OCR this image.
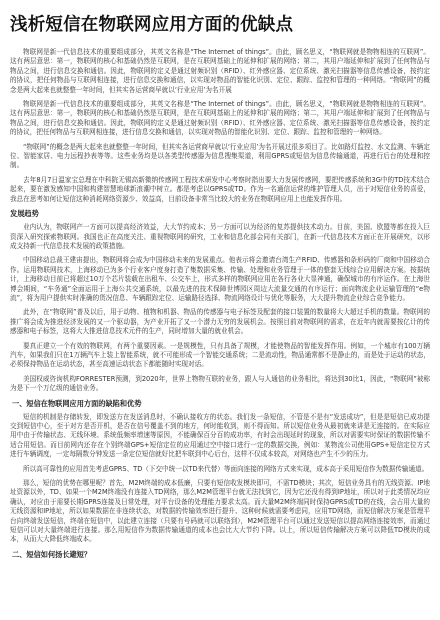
浅析短信在物联网应用方面的优缺点

物联网是新一代信息技术的重要组成部分，其英文名称是“The Internet of things”。由此，顾名思义，“物联网就是物物相连的互联网”。这有两层意思：第一，物联网的核心和基础仍然是互联网，是在互联网基础上的延伸和扩展的网络；第二，其用户端延伸和扩展到了任何物品与物品之间，进行信息交换和通信。因此，物联网的定义是通过射频识别（RFID）、红外感应器、定位系统、激光扫描器等信息传感设备，按约定的协议，把任何物品与互联网相连接，进行信息交换和通信，以实现对物品的智能化识别、定位、跟踪、监控和管理的一种网络。“物联网”的概念是两大起来也就整整一年时间，但其实各运营商早就以‘行业应用’为名开展

物联网是新一代信息技术的重要组成部分，其英文名称是“The Internet of things”。由此，顾名思义，“物联网就是物物相连的互联网”。这有两层意思：第一，物联网的核心和基础仍然是互联网，是在互联网基础上的延伸和扩展的网络；第二，其用户端延伸和扩展到了任何物品与物品之间，进行信息交换和通信。因此，物联网的定义是通过射频识别（RFID）、红外感应器、定位系统、激光扫描器等信息传感设备，按约定的协议，把任何物品与互联网相连接，进行信息交换和通信，以实现对物品的智能化识别、定位、跟踪、监控和管理的一种网络。

“物联网”的概念是两大起来也就整整一年时间，但其实各运营商早就以‘行业应用’为名开展过很多项目了。比如路灯监控、水文监测、车辆定位、智能家居、电力远程抄表等等。这些业务均是以各类型传感器为信息搜集渠道，利用GPRS或短信为信息传输通道，再进行后台的处理和控制。

去年8月7日温家宝总理在中科院无锡高新微纳传感网工程技术研发中心考察时指出要大力发展传感网，要把传感系统和3G中的TD技术结合起来，要在激发感知中国和构建智慧地球新浪潮中树立。都是考虑以GPRS或TD。作为一名通信运营的维护管理人员，出于对短信业务的喜爱，我总在思考如何让短信这种消耗网络资源少、效益高，目前设备非常当比较大的业务在物联网应用上也能发挥作用。

发展趋势

业内认为，物联网产一方面可以提高经济效益，大大节约成本；另一方面可以为经济的复苏提供技术动力。目前，美国、欧盟等都在投入巨资深入研究探索物联网。我国也正在高度关注、重视物联网的研究，工业和信息化部会同有关部门，在新一代信息技术方面正在开展研究，以形成支持新一代信息技术发展的政策措施。

中国移动总裁王建宙提出，物联网将会成为中国移动未来的发展重点。他表示将会邀请台湾生产RFID、传感器和条形码的厂商和中国移动合作。运用物联网技术，上海移动已为多个行业客户度身打造了集数据采集、传输、处理和业务管理于一体的整套无线综合应用解决方案。按据统计，上海移动目前已将超过10万个芯片装载在出租车、公交车上，形式多样的物联网应用在各行各业大显神通，确保城市的有序运作。在上海世博会期间，“车务通”全面运用于上海公共交通系统，以最先进的技术保障世博园区周边大流量交通的有序运行；面向物流企业运输管理的“e物流”，将为用户提供实时准确的货况信息、车辆跟踪定位、运输路径选择、物流网络设计与优化等服务，大大提升物流企业综合竞争能力。

此外，在“物联网”普及以后，用于动物、植物和机器、物品的传感器与电子标签及配套的接口装置的数量将大大超过手机的数量。物联网的推广将会成为推进经济发展的又一个驱动器，为产业开拓了又一个潜力无穷的发展机会。按照目前对物联网的需求，在近年内就需要按亿计的传感器和电子标签，这将大大推进信息技术元件的生产，同时增加大量的就业机会。

要真正建立一个有效的物联网，有两个重要因素。一是规模性，只有具备了规模，才能使物品的智能发挥作用。例如，一个城市有100万辆汽车，如果我们只在1万辆汽车上装上智能系统，就不可能形成一个智能交通系统；二是流动性，物品通常都不是静止的，而是处于运动的状态，必须保持物品在运动状态，甚至高速运动状态下都能随时实现对话。

美国权威咨询机构FORRESTER预测，到2020年，世界上物物互联的业务，跟人与人通信的业务相比，将达到30比1，因此，“物联网”被称为是下一个万亿级的通信业务。

一、短信在物联网应用方面的缺陷和优势

短信的机制是存储转发，即发送方在发送消息时，不确认接收方的状态。我们发一条短信，不管是不是有“发送成功”，但是是短信已成功提交到短信中心，至于对方是否开机，是否在信号覆盖不到的地方，何时能收到，则不得而知。所以短信业务从最初就来讲是无连接的。在实际应用中由于传输状态、无线环境、系统低频率增速等原因，不能确保百分百的成功率，有时会出现延时的现象，所以对需要实时保证的数据传输不适合用短信。而目前网内还存在个别终端GPS+短信定位的应用通过空中接口进行一定的数据交换，例如：某物流公司使用GPS+短信定位方式进行车辆调度，一定每隔数分钟发送一条定位短信就好比把车联到中心后台，这样不仅成本较高，对网络也产生不少的压力。

所以高可靠性的应用首先考虑GPRS、TD（下交中统一以TD来代替）等面向连接的网络方式来实现，成本高于采用短信作为数据传输通道。

那么，短信的优势在哪里呢？首先，M2M终端的成本低廉，只要有短信收发模块即可，不需TD模块；其次，短信业务具有的无线资源、IP地址资源以外，TD、如果一个M2M终端没有连接入TD网络，那么M2M管理平台就无法找到它，因为它还没有得到IP地址，所以对于此类情况均应确认，对应由于需要长期GPRS连接及日常处理，对平台设备的处理能力要求太高。而大量M2M终端同时保持GPRS或TD的在线，会占用大量的无线资源和IP地址，所以如果数据在非连续状态，对数据的传输效率进行提升、这种时候就需要考虑同，应用TD网络，而短信解决方案是管理平台向终端发送短信，终端在短信中，以此建立连接（只要有号码就可以联络到），M2M管理平台可以通过发送短信以提高网络连接效率，而通过短信可以对大量终端进行连接。那么用短信作为数据传输通道的成本也会比大大节约下降。以上，所以短信传输解决方案可以降低TD模块的成本，从而大大降低终端成本。

二、短信如何扬长避短？
